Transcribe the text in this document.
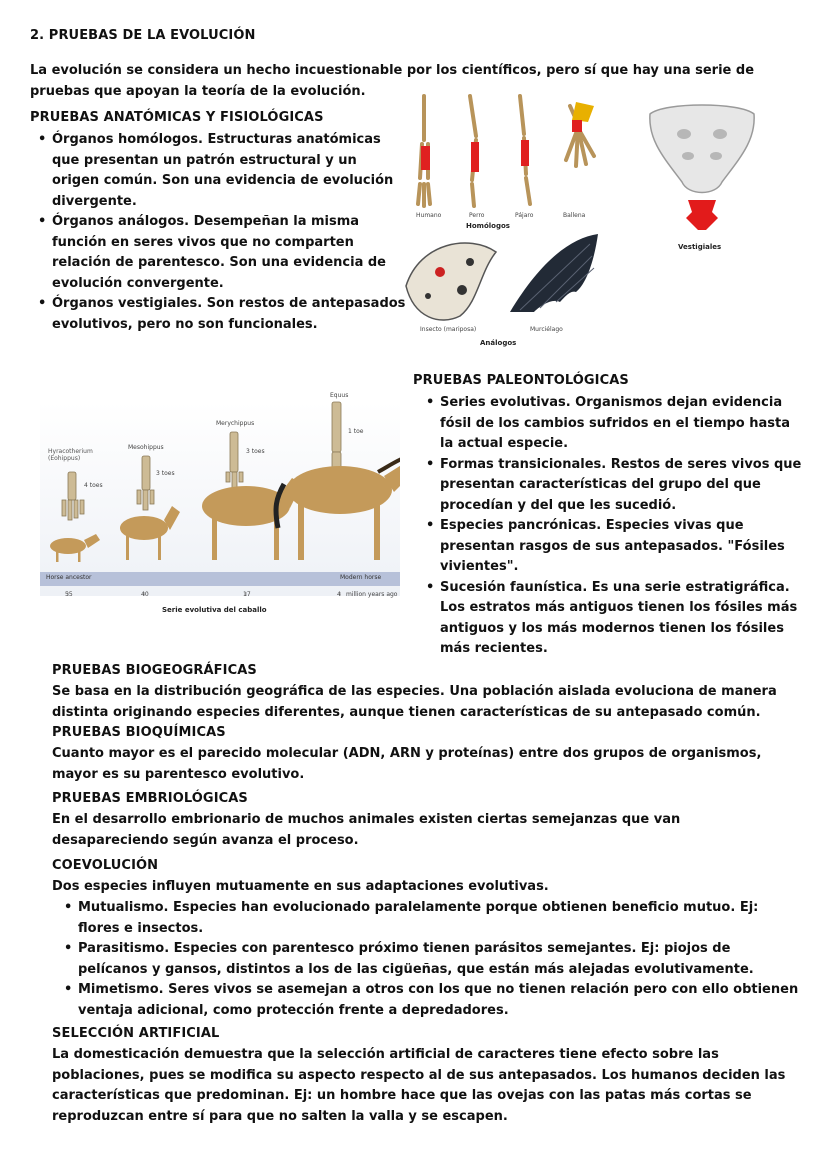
2. PRUEBAS DE LA EVOLUCIÓN
La evolución se considera un hecho incuestionable por los científicos, pero sí que hay una serie de pruebas que apoyan la teoría de la evolución.
PRUEBAS ANATÓMICAS Y FISIOLÓGICAS
• Órganos homólogos. Estructuras anatómicas que presentan un patrón estructural y un origen común. Son una evidencia de evolución divergente.
• Órganos análogos. Desempeñan la misma función en seres vivos que no comparten relación de parentesco. Son una evidencia de evolución convergente.
• Órganos vestigiales. Son restos de antepasados evolutivos, pero no son funcionales.
Humano	Perro	Pájaro	Ballena
Homólogos
Vestigiales
Insecto (mariposa)	Murciélago
Análogos
PRUEBAS PALEONTOLÓGICAS
• Series evolutivas. Organismos dejan evidencia fósil de los cambios sufridos en el tiempo hasta la actual especie.
• Formas transicionales. Restos de seres vivos que presentan características del grupo del que procedían y del que les sucedió.
• Especies pancrónicas. Especies vivas que presentan rasgos de sus antepasados. "Fósiles vivientes".
• Sucesión faunística. Es una serie estratigráfica. Los estratos más antiguos tienen los fósiles más antiguos y los más modernos tienen los fósiles más recientes.
Hyracotherium (Eohippus)
4 toes
Mesohippus
3 toes
Merychippus
3 toes
Equus
1 toe
Horse ancestor	Modern horse
55	40	17	4 million years ago
Serie evolutiva del caballo
PRUEBAS BIOGEOGRÁFICAS
Se basa en la distribución geográfica de las especies. Una población aislada evoluciona de manera distinta originando especies diferentes, aunque tienen características de su antepasado común.
PRUEBAS BIOQUÍMICAS
Cuanto mayor es el parecido molecular (ADN, ARN y proteínas) entre dos grupos de organismos, mayor es su parentesco evolutivo.
PRUEBAS EMBRIOLÓGICAS
En el desarrollo embrionario de muchos animales existen ciertas semejanzas que van desapareciendo según avanza el proceso.
COEVOLUCIÓN
Dos especies influyen mutuamente en sus adaptaciones evolutivas.
• Mutualismo. Especies han evolucionado paralelamente porque obtienen beneficio mutuo. Ej: flores e insectos.
• Parasitismo. Especies con parentesco próximo tienen parásitos semejantes. Ej: piojos de pelícanos y gansos, distintos a los de las cigüeñas, que están más alejadas evolutivamente.
• Mimetismo. Seres vivos se asemejan a otros con los que no tienen relación pero con ello obtienen ventaja adicional, como protección frente a depredadores.
SELECCIÓN ARTIFICIAL
La domesticación demuestra que la selección artificial de caracteres tiene efecto sobre las poblaciones, pues se modifica su aspecto respecto al de sus antepasados. Los humanos deciden las características que predominan. Ej: un hombre hace que las ovejas con las patas más cortas se reproduzcan entre sí para que no salten la valla y se escapen.
